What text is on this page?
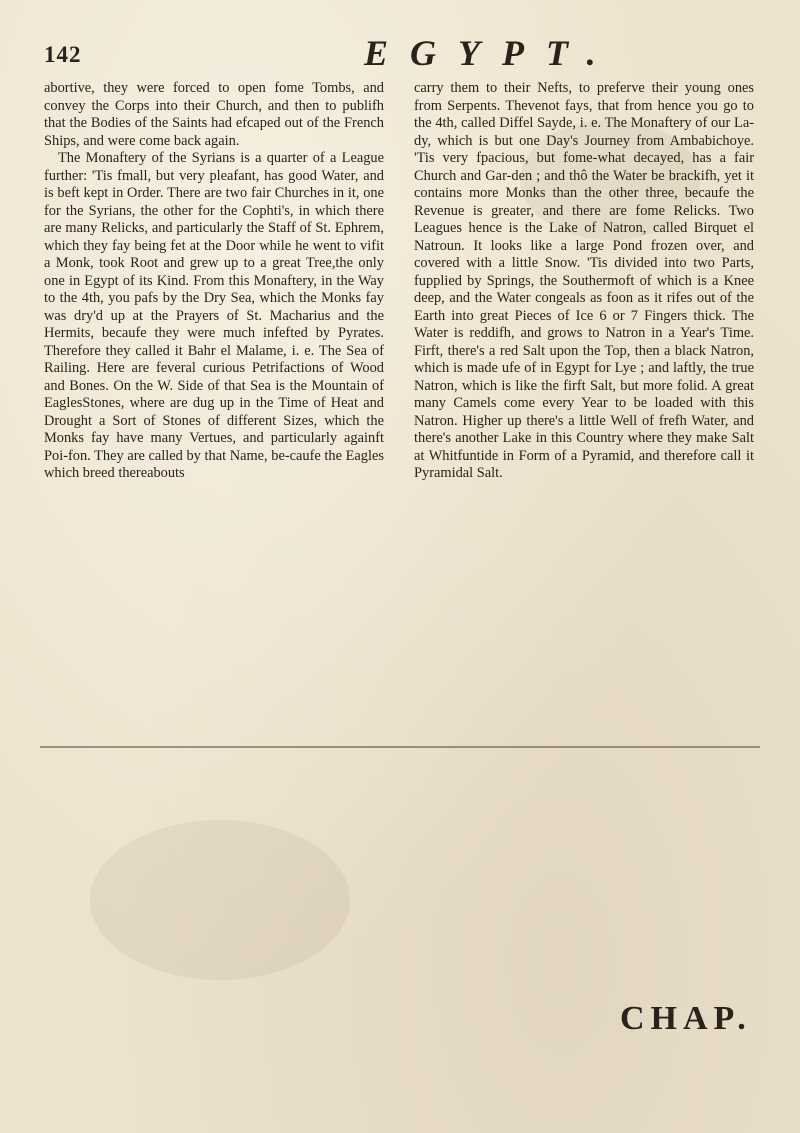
142	EGYPT.

abortive, they were forced to open fome Tombs, and convey the Corps into their Church, and then to publifh that the Bodies of the Saints had efcaped out of the French Ships, and were come back again.

The Monaftery of the Syrians is a quarter of a League further: 'Tis fmall, but very pleafant, has good Water, and is beft kept in Order. There are two fair Churches in it, one for the Syrians, the other for the Cophti's, in which there are many Relicks, and particularly the Staff of St. Ephrem, which they fay being fet at the Door while he went to vifit a Monk, took Root and grew up to a great Tree,the only one in Egypt of its Kind. From this Monaftery, in the Way to the 4th, you pafs by the Dry Sea, which the Monks fay was dry'd up at the Prayers of St. Macharius and the Hermits, becaufe they were much infefted by Pyrates. Therefore they called it Bahr el Malame, i. e. The Sea of Railing. Here are feveral curious Petrifactions of Wood and Bones. On the W. Side of that Sea is the Mountain of EaglesStones, where are dug up in the Time of Heat and Drought a Sort of Stones of different Sizes, which the Monks fay have many Vertues, and particularly againft Poi-fon. They are called by that Name, be-caufe the Eagles which breed thereabouts

carry them to their Nefts, to preferve their young ones from Serpents. Thevenot fays, that from hence you go to the 4th, called Diffel Sayde, i. e. The Monaftery of our La-dy, which is but one Day's Journey from Ambabichoye. 'Tis very fpacious, but fome-what decayed, has a fair Church and Gar-den ; and thô the Water be brackifh, yet it contains more Monks than the other three, becaufe the Revenue is greater, and there are fome Relicks. Two Leagues hence is the Lake of Natron, called Birquet el Natroun. It looks like a large Pond frozen over, and covered with a little Snow. 'Tis divided into two Parts, fupplied by Springs, the Southermoft of which is a Knee deep, and the Water congeals as foon as it rifes out of the Earth into great Pieces of Ice 6 or 7 Fingers thick. The Water is reddifh, and grows to Natron in a Year's Time. Firft, there's a red Salt upon the Top, then a black Natron, which is made ufe of in Egypt for Lye ; and laftly, the true Natron, which is like the firft Salt, but more folid. A great many Camels come every Year to be loaded with this Natron. Higher up there's a little Well of frefh Water, and there's another Lake in this Country where they make Salt at Whitfuntide in Form of a Pyramid, and therefore call it Pyramidal Salt.

CHAP.
